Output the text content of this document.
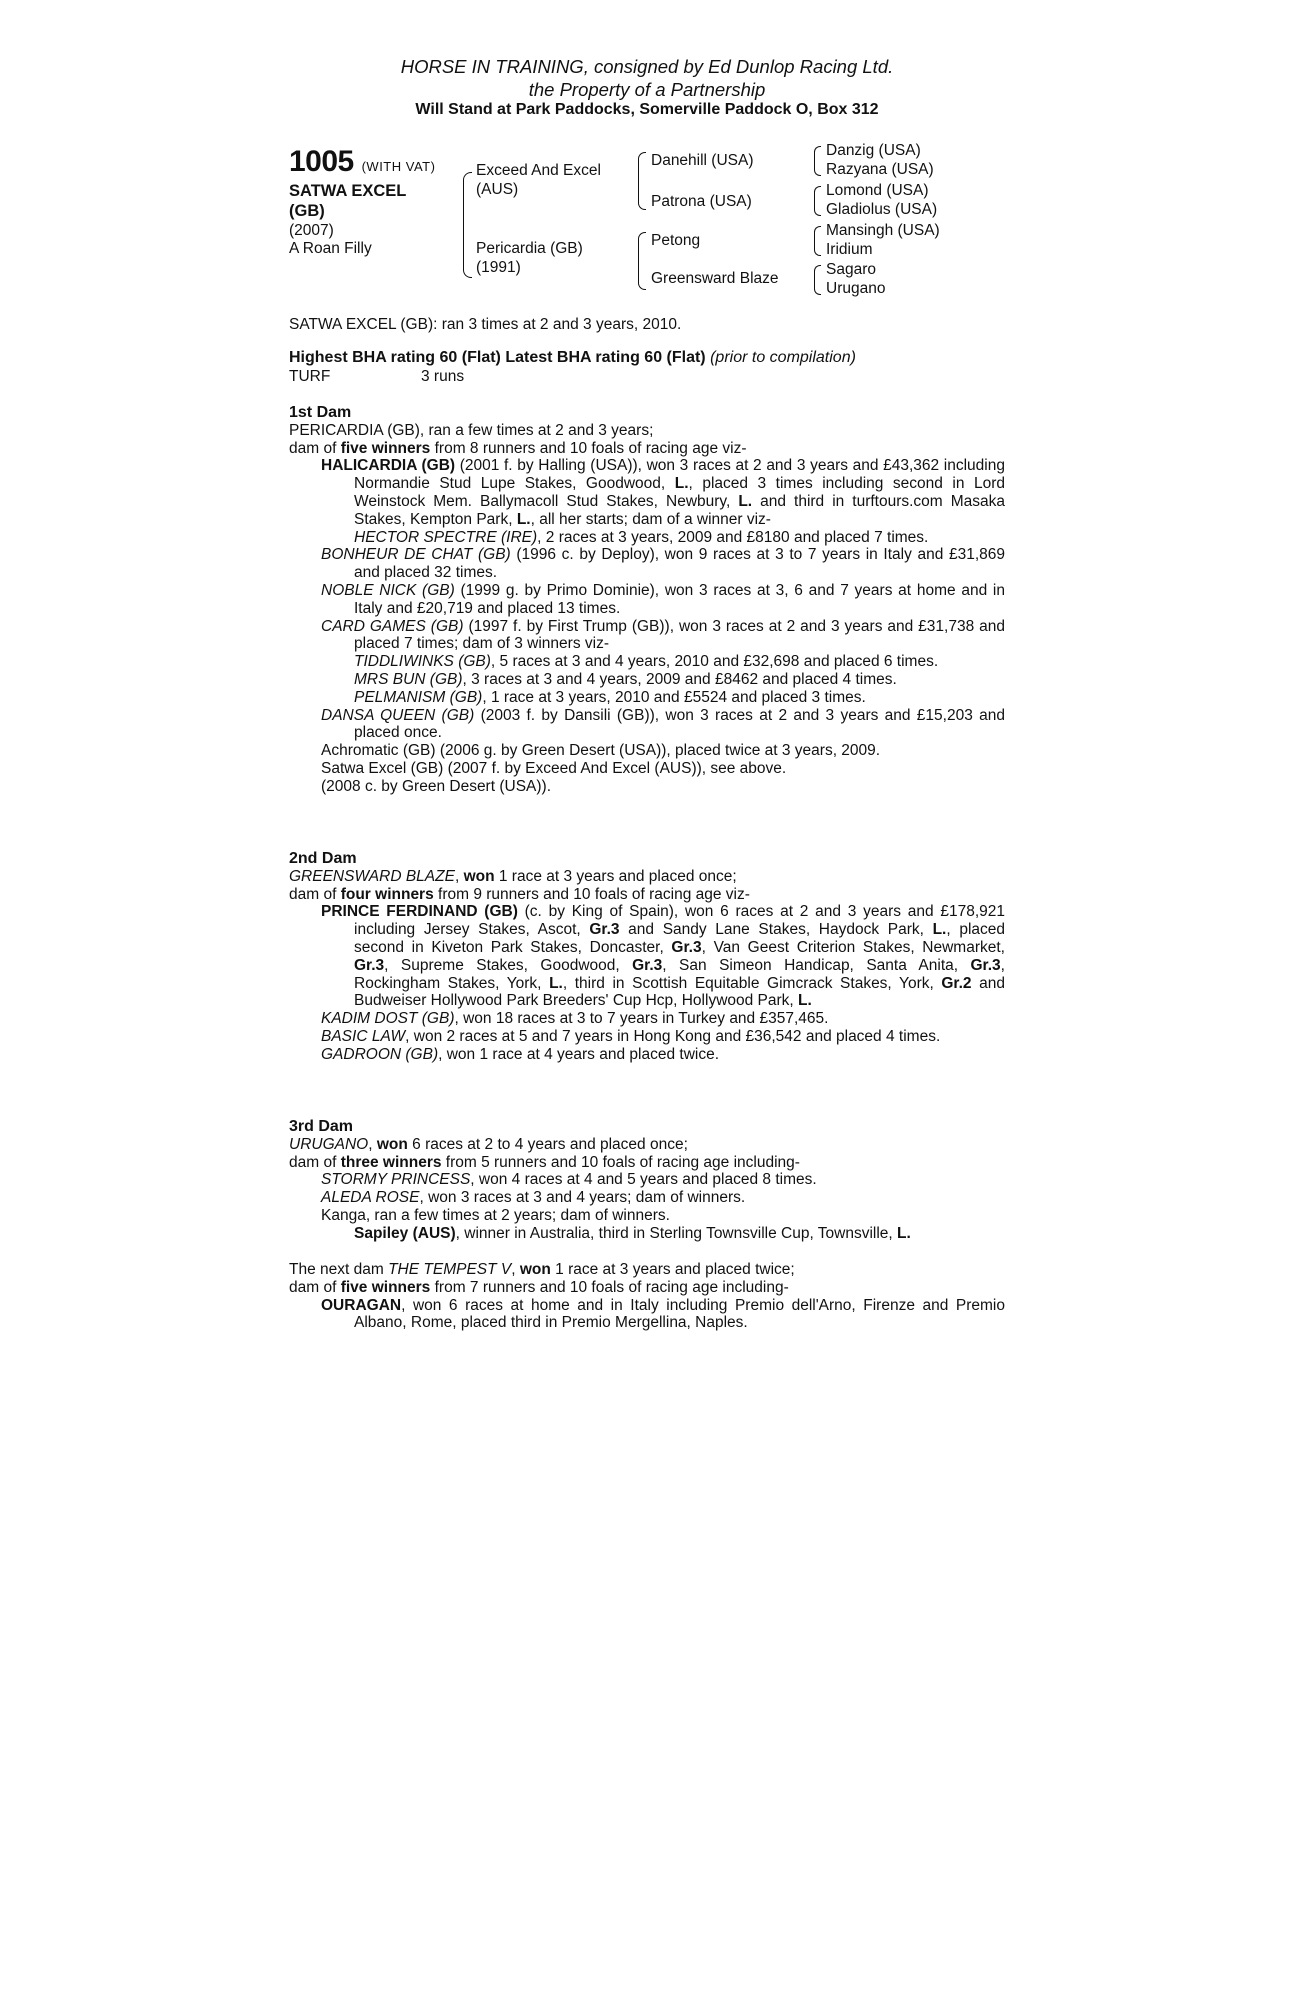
HORSE IN TRAINING, consigned by Ed Dunlop Racing Ltd.
the Property of a Partnership
Will Stand at Park Paddocks, Somerville Paddock O, Box 312
1005 (WITH VAT)
SATWA EXCEL
(GB)
(2007)
A Roan Filly
Exceed And Excel
(AUS)
Pericardia (GB)
(1991)
Danehill (USA)
Patrona (USA)
Petong
Greensward Blaze
Danzig (USA)
Razyana (USA)
Lomond (USA)
Gladiolus (USA)
Mansingh (USA)
Iridium
Sagaro
Urugano
SATWA EXCEL (GB): ran 3 times at 2 and 3 years, 2010.
Highest BHA rating 60 (Flat) Latest BHA rating 60 (Flat) (prior to compilation)
TURF	3 runs

1st Dam

PERICARDIA (GB), ran a few times at 2 and 3 years;

dam of five winners from 8 runners and 10 foals of racing age viz-

HALICARDIA (GB) (2001 f. by Halling (USA)), won 3 races at 2 and 3 years and £43,362 including Normandie Stud Lupe Stakes, Goodwood, L., placed 3 times including second in Lord Weinstock Mem. Ballymacoll Stud Stakes, Newbury, L. and third in turftours.com Masaka Stakes, Kempton Park, L., all her starts; dam of a winner viz-

HECTOR SPECTRE (IRE), 2 races at 3 years, 2009 and £8180 and placed 7 times.

BONHEUR DE CHAT (GB) (1996 c. by Deploy), won 9 races at 3 to 7 years in Italy and £31,869 and placed 32 times.

NOBLE NICK (GB) (1999 g. by Primo Dominie), won 3 races at 3, 6 and 7 years at home and in Italy and £20,719 and placed 13 times.

CARD GAMES (GB) (1997 f. by First Trump (GB)), won 3 races at 2 and 3 years and £31,738 and placed 7 times; dam of 3 winners viz-

TIDDLIWINKS (GB), 5 races at 3 and 4 years, 2010 and £32,698 and placed 6 times.

MRS BUN (GB), 3 races at 3 and 4 years, 2009 and £8462 and placed 4 times.

PELMANISM (GB), 1 race at 3 years, 2010 and £5524 and placed 3 times.

DANSA QUEEN (GB) (2003 f. by Dansili (GB)), won 3 races at 2 and 3 years and £15,203 and placed once.

Achromatic (GB) (2006 g. by Green Desert (USA)), placed twice at 3 years, 2009.

Satwa Excel (GB) (2007 f. by Exceed And Excel (AUS)), see above.

(2008 c. by Green Desert (USA)).

2nd Dam

GREENSWARD BLAZE, won 1 race at 3 years and placed once;

dam of four winners from 9 runners and 10 foals of racing age viz-

PRINCE FERDINAND (GB) (c. by King of Spain), won 6 races at 2 and 3 years and £178,921 including Jersey Stakes, Ascot, Gr.3 and Sandy Lane Stakes, Haydock Park, L., placed second in Kiveton Park Stakes, Doncaster, Gr.3, Van Geest Criterion Stakes, Newmarket, Gr.3, Supreme Stakes, Goodwood, Gr.3, San Simeon Handicap, Santa Anita, Gr.3, Rockingham Stakes, York, L., third in Scottish Equitable Gimcrack Stakes, York, Gr.2 and Budweiser Hollywood Park Breeders' Cup Hcp, Hollywood Park, L.

KADIM DOST (GB), won 18 races at 3 to 7 years in Turkey and £357,465.

BASIC LAW, won 2 races at 5 and 7 years in Hong Kong and £36,542 and placed 4 times.

GADROON (GB), won 1 race at 4 years and placed twice.

3rd Dam

URUGANO, won 6 races at 2 to 4 years and placed once;

dam of three winners from 5 runners and 10 foals of racing age including-

STORMY PRINCESS, won 4 races at 4 and 5 years and placed 8 times.

ALEDA ROSE, won 3 races at 3 and 4 years; dam of winners.

Kanga, ran a few times at 2 years; dam of winners.

Sapiley (AUS), winner in Australia, third in Sterling Townsville Cup, Townsville, L.

The next dam THE TEMPEST V, won 1 race at 3 years and placed twice;

dam of five winners from 7 runners and 10 foals of racing age including-

OURAGAN, won 6 races at home and in Italy including Premio dell'Arno, Firenze and Premio Albano, Rome, placed third in Premio Mergellina, Naples.
